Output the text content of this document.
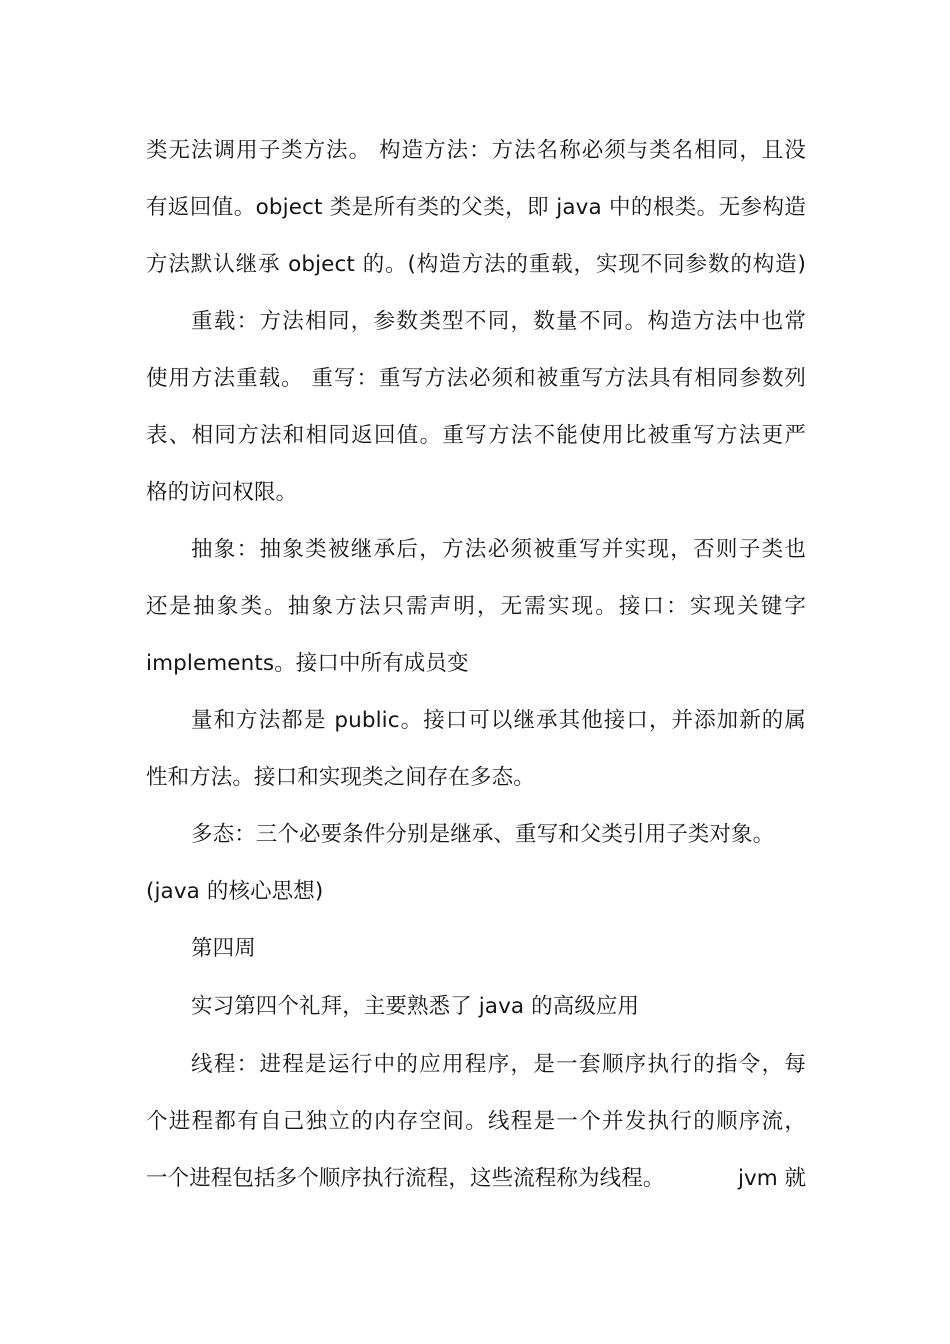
类无法调用子类方法。 构造方法：方法名称必须与类名相同，且没
有返回值。object 类是所有类的父类，即 java 中的根类。无参构造
方法默认继承 object 的。(构造方法的重载，实现不同参数的构造)
重载：方法相同，参数类型不同，数量不同。构造方法中也常
使用方法重载。 重写：重写方法必须和被重写方法具有相同参数列
表、相同方法和相同返回值。重写方法不能使用比被重写方法更严
格的访问权限。
抽象：抽象类被继承后，方法必须被重写并实现，否则子类也
还是抽象类。抽象方法只需声明，无需实现。接口：实现关键字
implements。接口中所有成员变
量和方法都是 public。接口可以继承其他接口，并添加新的属
性和方法。接口和实现类之间存在多态。
多态：三个必要条件分别是继承、重写和父类引用子类对象。
(java 的核心思想)
第四周
实习第四个礼拜，主要熟悉了 java 的高级应用
线程：进程是运行中的应用程序，是一套顺序执行的指令，每
个进程都有自己独立的内存空间。线程是一个并发执行的顺序流，
一个进程包括多个顺序执行流程，这些流程称为线程。	jvm 就
